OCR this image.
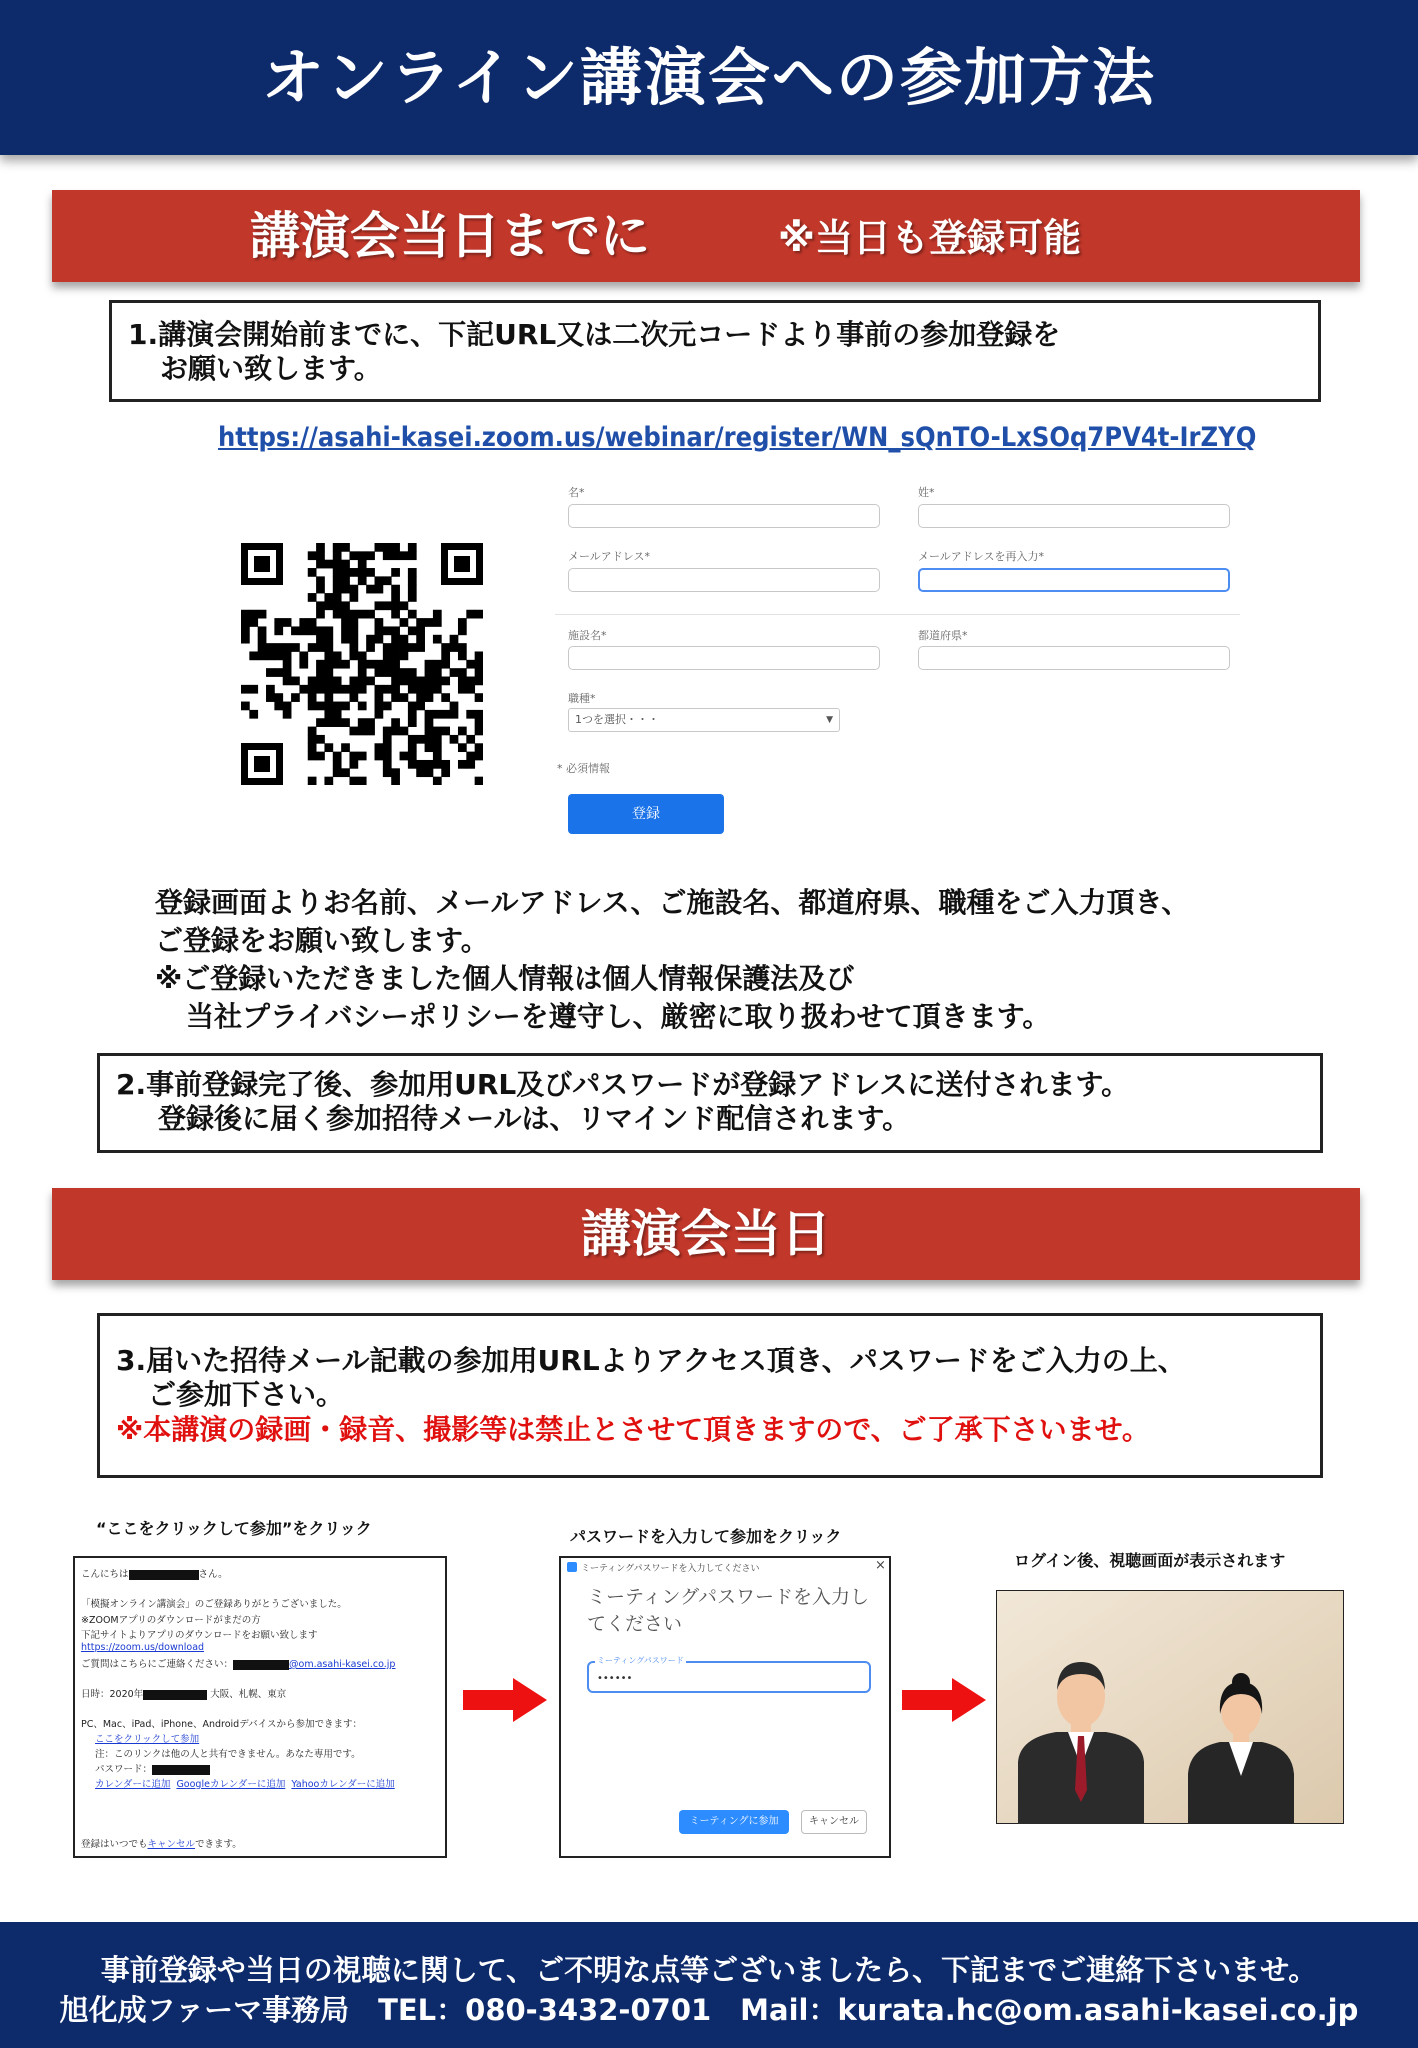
オンライン講演会への参加方法
講演会当日までに	※当日も登録可能
1.講演会開始前までに、下記URL又は二次元コードより事前の参加登録を
お願い致します。
https://asahi-kasei.zoom.us/webinar/register/WN_sQnTO-LxSOq7PV4t-IrZYQ
名*	姓*
メールアドレス*	メールアドレスを再入力*
施設名*	都道府県*
職種*
1つを選択・・・	▼
* 必須情報
登録
登録画面よりお名前、メールアドレス、ご施設名、都道府県、職種をご入力頂き、
ご登録をお願い致します。
※ご登録いただきました個人情報は個人情報保護法及び
当社プライバシーポリシーを遵守し、厳密に取り扱わせて頂きます。
2.事前登録完了後、参加用URL及びパスワードが登録アドレスに送付されます。
登録後に届く参加招待メールは、リマインド配信されます。
講演会当日
3.届いた招待メール記載の参加用URLよりアクセス頂き、パスワードをご入力の上、
ご参加下さい。
※本講演の録画・録音、撮影等は禁止とさせて頂きますので、ご了承下さいませ。
“ここをクリックして参加”をクリック	パスワードを入力して参加をクリック
ログイン後、視聴画面が表示されます
こんにちは	さん。
「模擬オンライン講演会」のご登録ありがとうございました。
※ZOOMアプリのダウンロードがまだの方
下記サイトよりアプリのダウンロードをお願い致します
https://zoom.us/download
ご質問はこちらにご連絡ください：	@om.asahi-kasei.co.jp
日時：2020年	大阪、札幌、東京
PC、Mac、iPad、iPhone、Androidデバイスから参加できます：
ここをクリックして参加
注：このリンクは他の人と共有できません。あなた専用です。
パスワード：
カレンダーに追加 Googleカレンダーに追加 Yahooカレンダーに追加
登録はいつでもキャンセルできます。
ミーティングパスワードを入力してください	×
ミーティングパスワードを入力してください
••••••
ミーティングパスワード
ミーティングに参加	キャンセル
事前登録や当日の視聴に関して、ご不明な点等ございましたら、下記までご連絡下さいませ。
旭化成ファーマ事務局　TEL：080-3432-0701　Mail：kurata.hc@om.asahi-kasei.co.jp
